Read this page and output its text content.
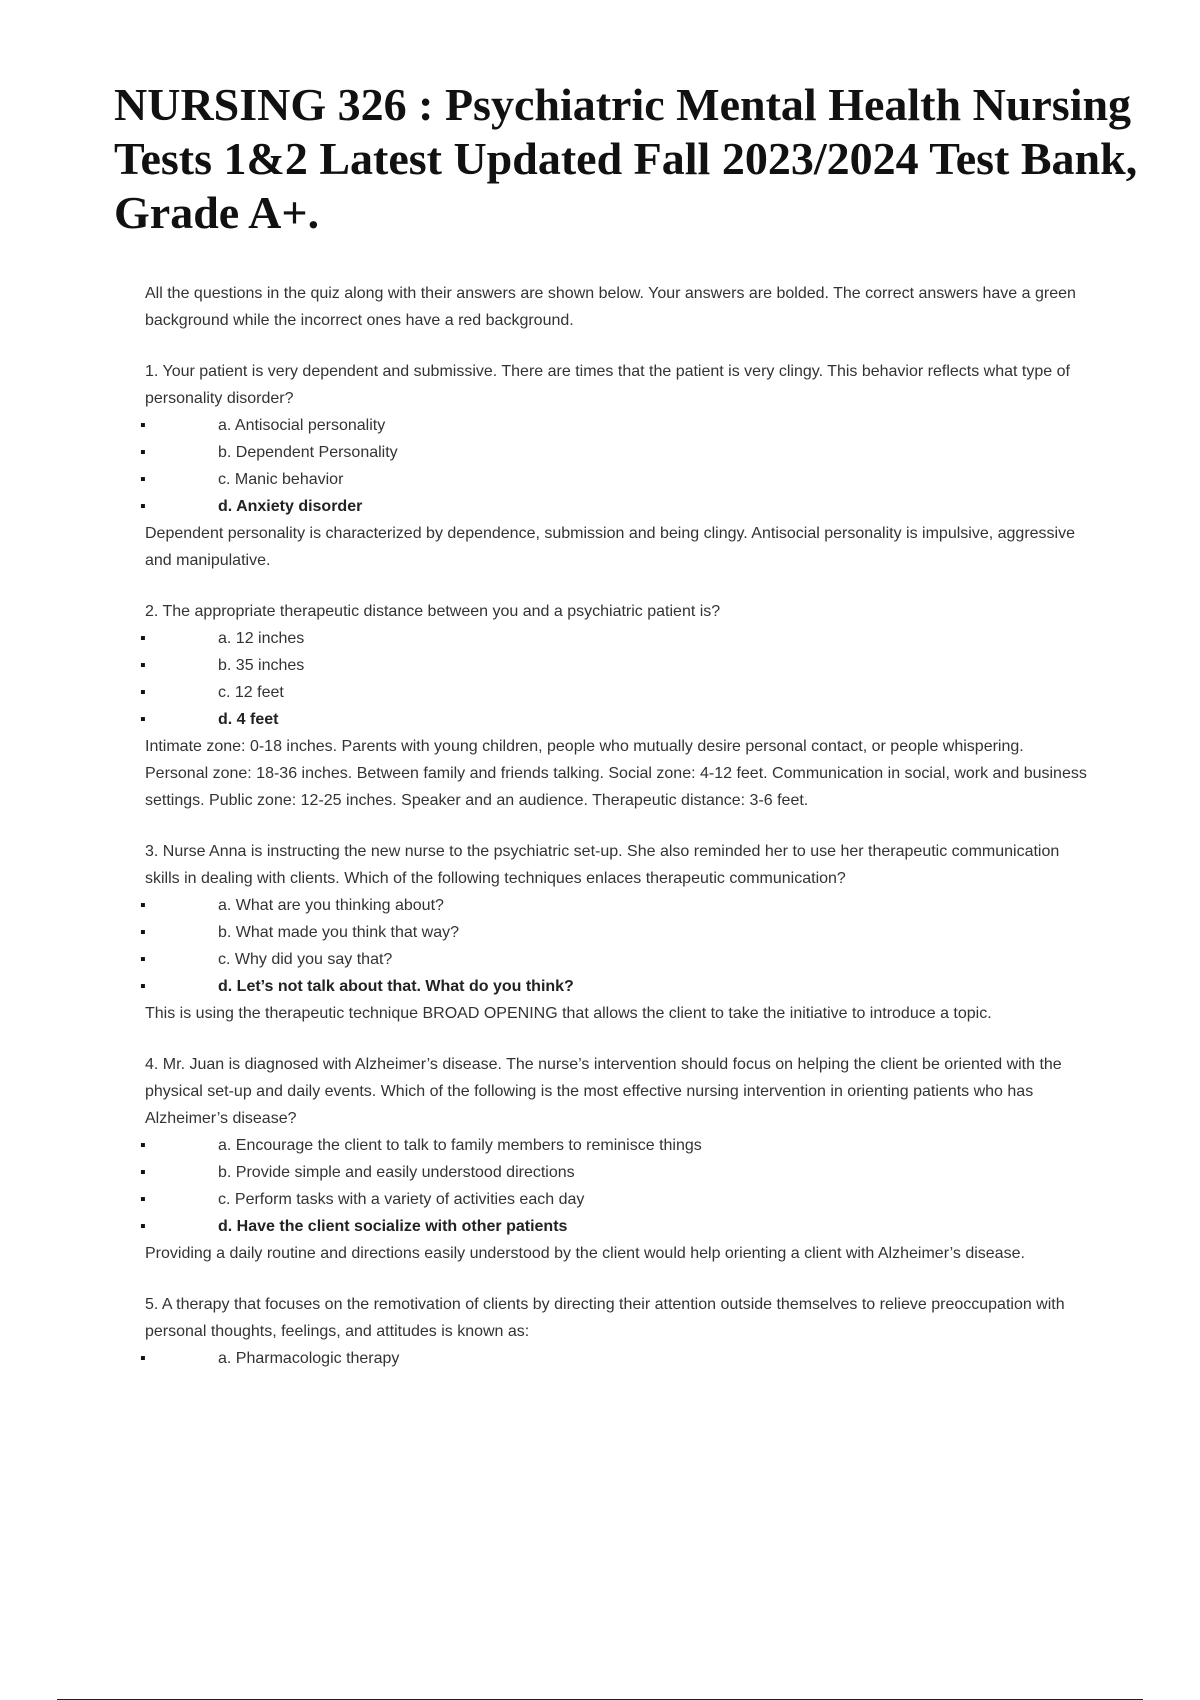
NURSING 326 : Psychiatric Mental Health Nursing Tests 1&2 Latest Updated Fall 2023/2024 Test Bank, Grade A+.

All the questions in the quiz along with their answers are shown below. Your answers are bolded. The correct answers have a green background while the incorrect ones have a red background.

1. Your patient is very dependent and submissive. There are times that the patient is very clingy. This behavior reflects what type of personality disorder?

▪	a. Antisocial personality
▪	b. Dependent Personality
▪	c. Manic behavior
▪	d. Anxiety disorder

Dependent personality is characterized by dependence, submission and being clingy. Antisocial personality is impulsive, aggressive and manipulative.

2. The appropriate therapeutic distance between you and a psychiatric patient is?

▪	a. 12 inches
▪	b. 35 inches
▪	c. 12 feet
▪	d. 4 feet

Intimate zone: 0-18 inches. Parents with young children, people who mutually desire personal contact, or people whispering. Personal zone: 18-36 inches. Between family and friends talking. Social zone: 4-12 feet. Communication in social, work and business settings. Public zone: 12-25 inches. Speaker and an audience. Therapeutic distance: 3-6 feet.

3. Nurse Anna is instructing the new nurse to the psychiatric set-up. She also reminded her to use her therapeutic communication skills in dealing with clients. Which of the following techniques enlaces therapeutic communication?

▪	a. What are you thinking about?
▪	b. What made you think that way?
▪	c. Why did you say that?
▪	d. Let’s not talk about that. What do you think?

This is using the therapeutic technique BROAD OPENING that allows the client to take the initiative to introduce a topic.

4. Mr. Juan is diagnosed with Alzheimer’s disease. The nurse’s intervention should focus on helping the client be oriented with the physical set-up and daily events. Which of the following is the most effective nursing intervention in orienting patients who has Alzheimer’s disease?

▪	a. Encourage the client to talk to family members to reminisce things
▪	b. Provide simple and easily understood directions
▪	c. Perform tasks with a variety of activities each day
▪	d. Have the client socialize with other patients

Providing a daily routine and directions easily understood by the client would help orienting a client with Alzheimer’s disease.

5. A therapy that focuses on the remotivation of clients by directing their attention outside themselves to relieve preoccupation with personal thoughts, feelings, and attitudes is known as:

▪	a. Pharmacologic therapy
